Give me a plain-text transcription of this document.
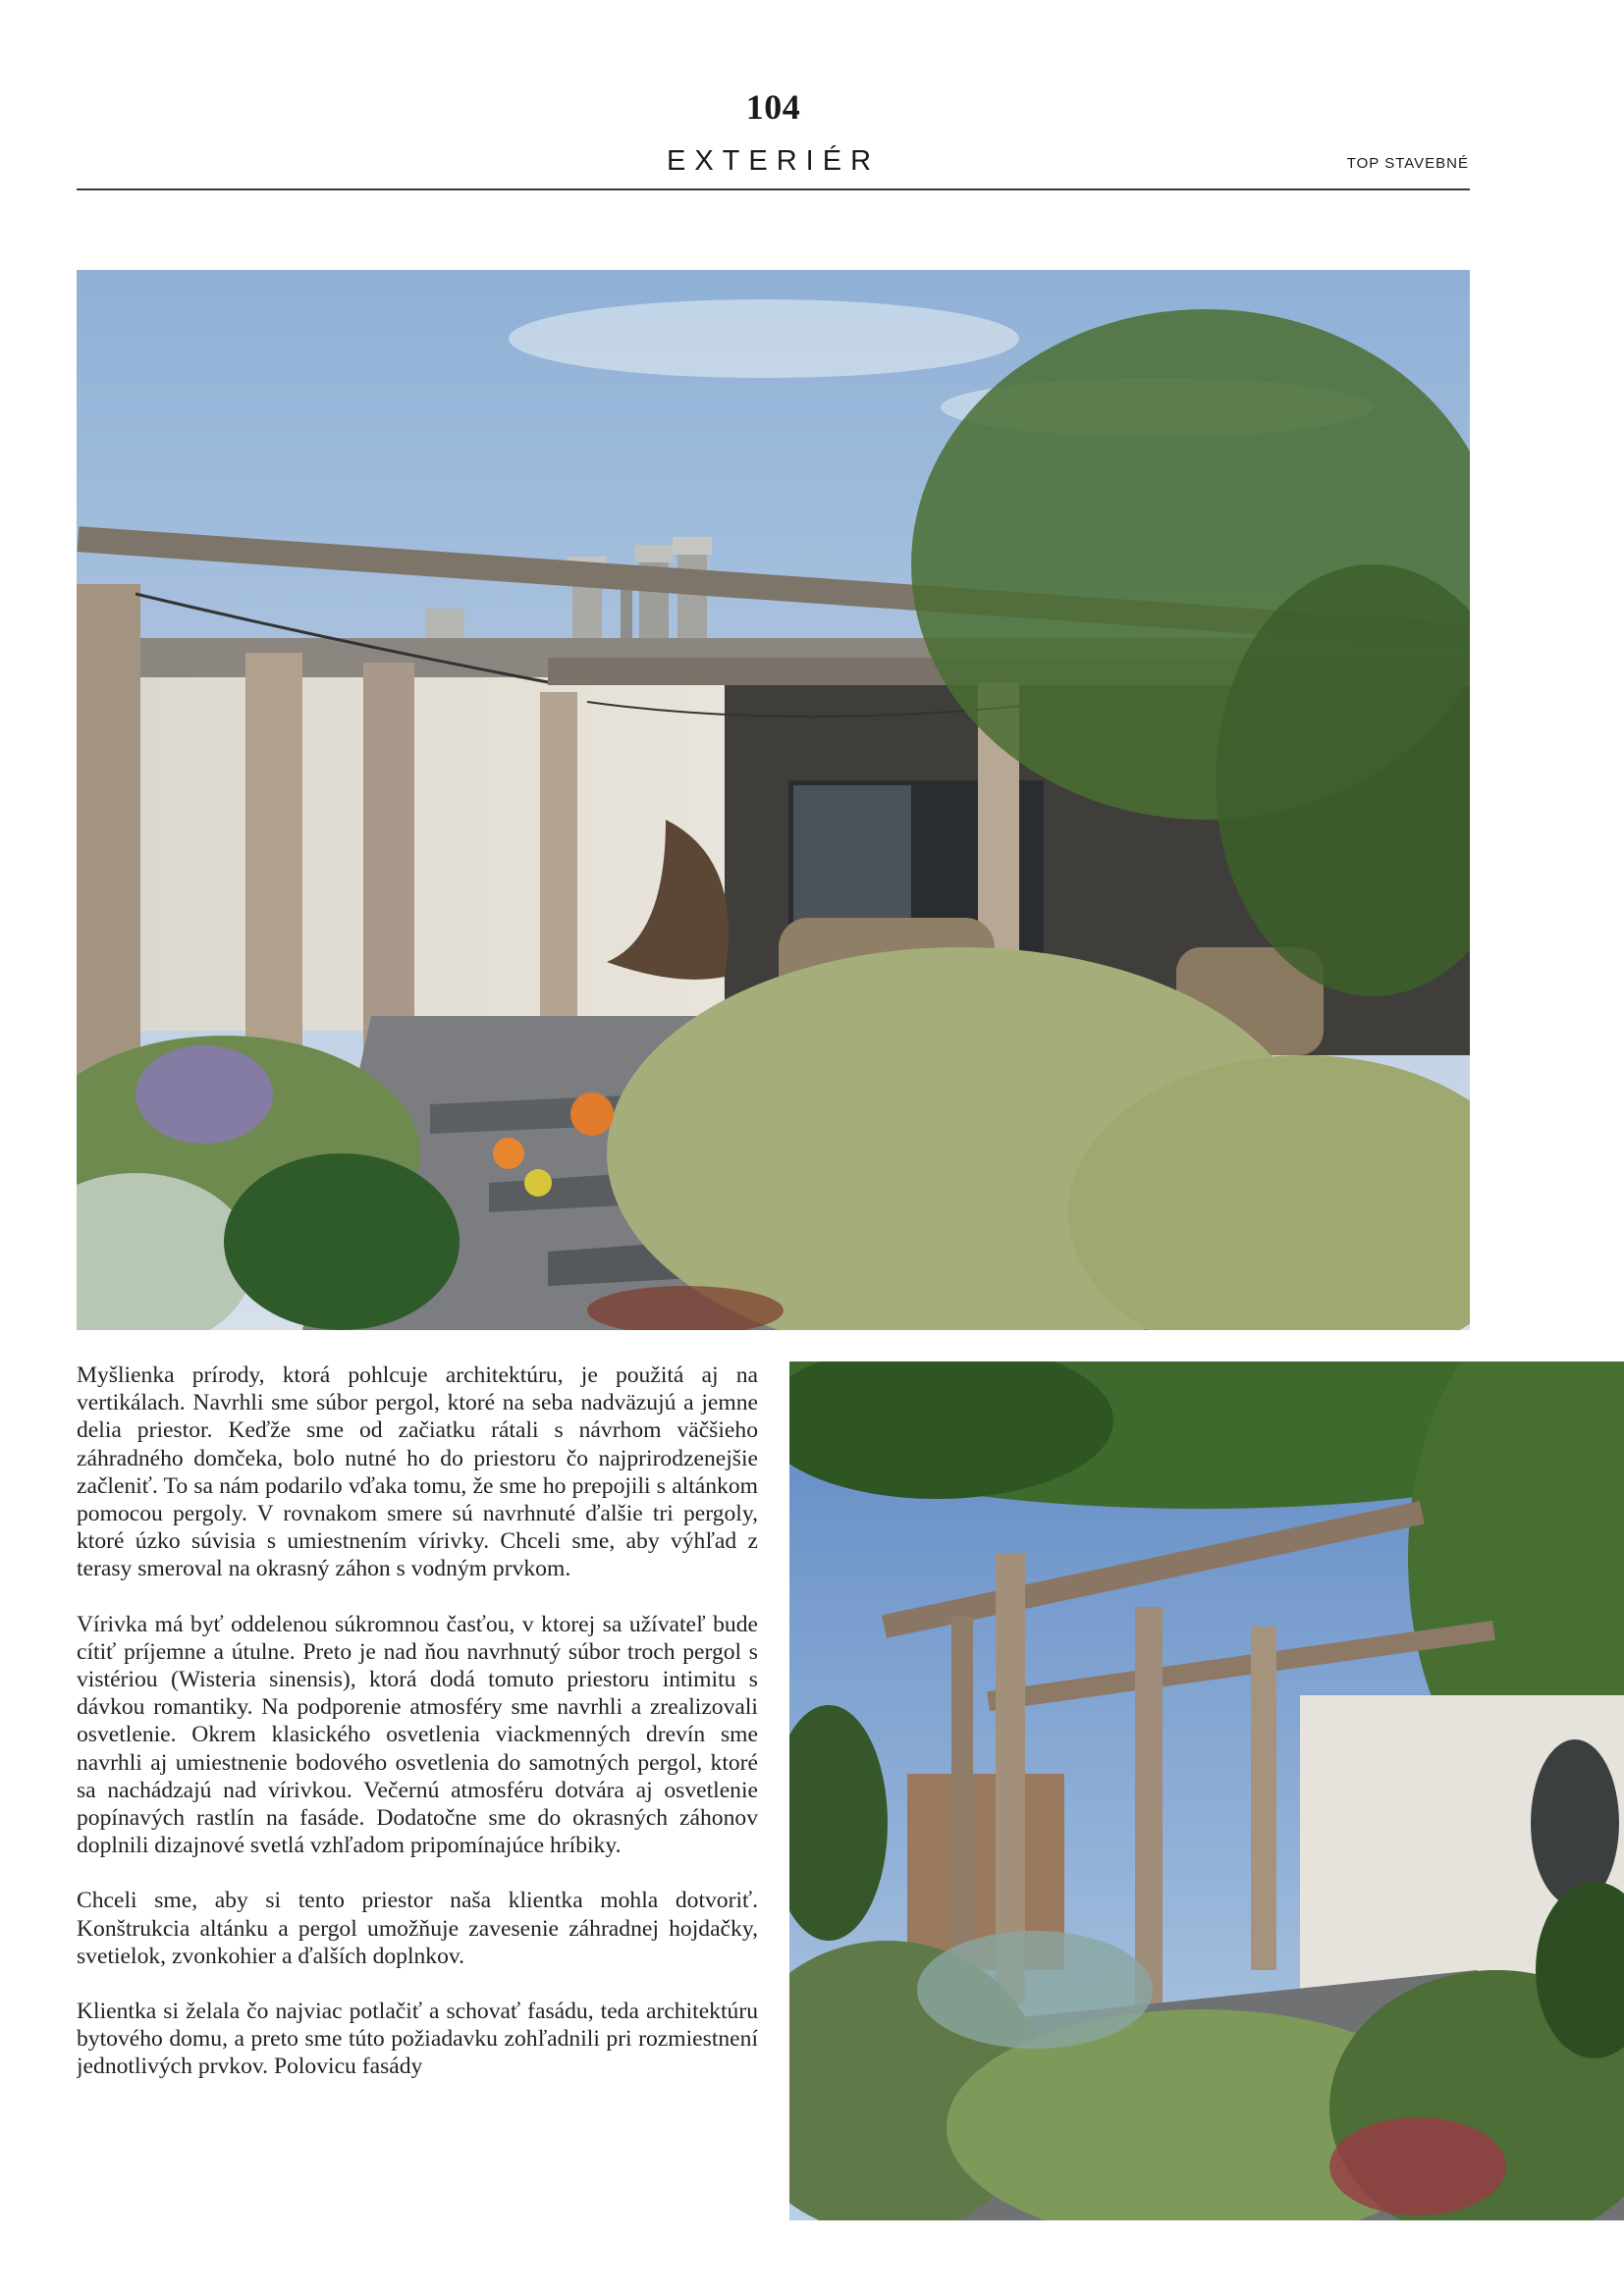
104
EXTERIÉR	TOP STAVEBNÉ

Myšlienka prírody, ktorá pohlcuje architektúru, je použitá aj na vertikálach. Navrhli sme súbor pergol, ktoré na seba nadväzujú a jemne delia priestor. Keďže sme od začiatku rátali s návrhom väčšieho záhradného domčeka, bolo nutné ho do priestoru čo najprirodzenejšie začleniť. To sa nám podarilo vďaka tomu, že sme ho prepojili s altánkom pomocou pergoly. V rovnakom smere sú navrhnuté ďalšie tri pergoly, ktoré úzko súvisia s umiestnením vírivky. Chceli sme, aby výhľad z terasy smeroval na okrasný záhon s vodným prvkom.

Vírivka má byť oddelenou súkromnou časťou, v ktorej sa užívateľ bude cítiť príjemne a útulne. Preto je nad ňou navrhnutý súbor troch pergol s vistériou (Wisteria sinensis), ktorá dodá tomuto priestoru intimitu s dávkou romantiky. Na podporenie atmosféry sme navrhli a zrealizovali osvetlenie. Okrem klasického osvetlenia viackmenných drevín sme navrhli aj umiestnenie bodového osvetlenia do samotných pergol, ktoré sa nachádzajú nad vírivkou. Večernú atmosféru dotvára aj osvetlenie popínavých rastlín na fasáde. Dodatočne sme do okrasných záhonov doplnili dizajnové svetlá vzhľadom pripomínajúce hríbiky.

Chceli sme, aby si tento priestor naša klientka mohla dotvoriť. Konštrukcia altánku a pergol umožňuje zavesenie záhradnej hojdačky, svetielok, zvonkohier a ďalších doplnkov.

Klientka si želala čo najviac potlačiť a schovať fasádu, teda architektúru bytového domu, a preto sme túto požiadavku zohľadnili pri rozmiestnení jednotlivých prvkov. Polovicu fasády
